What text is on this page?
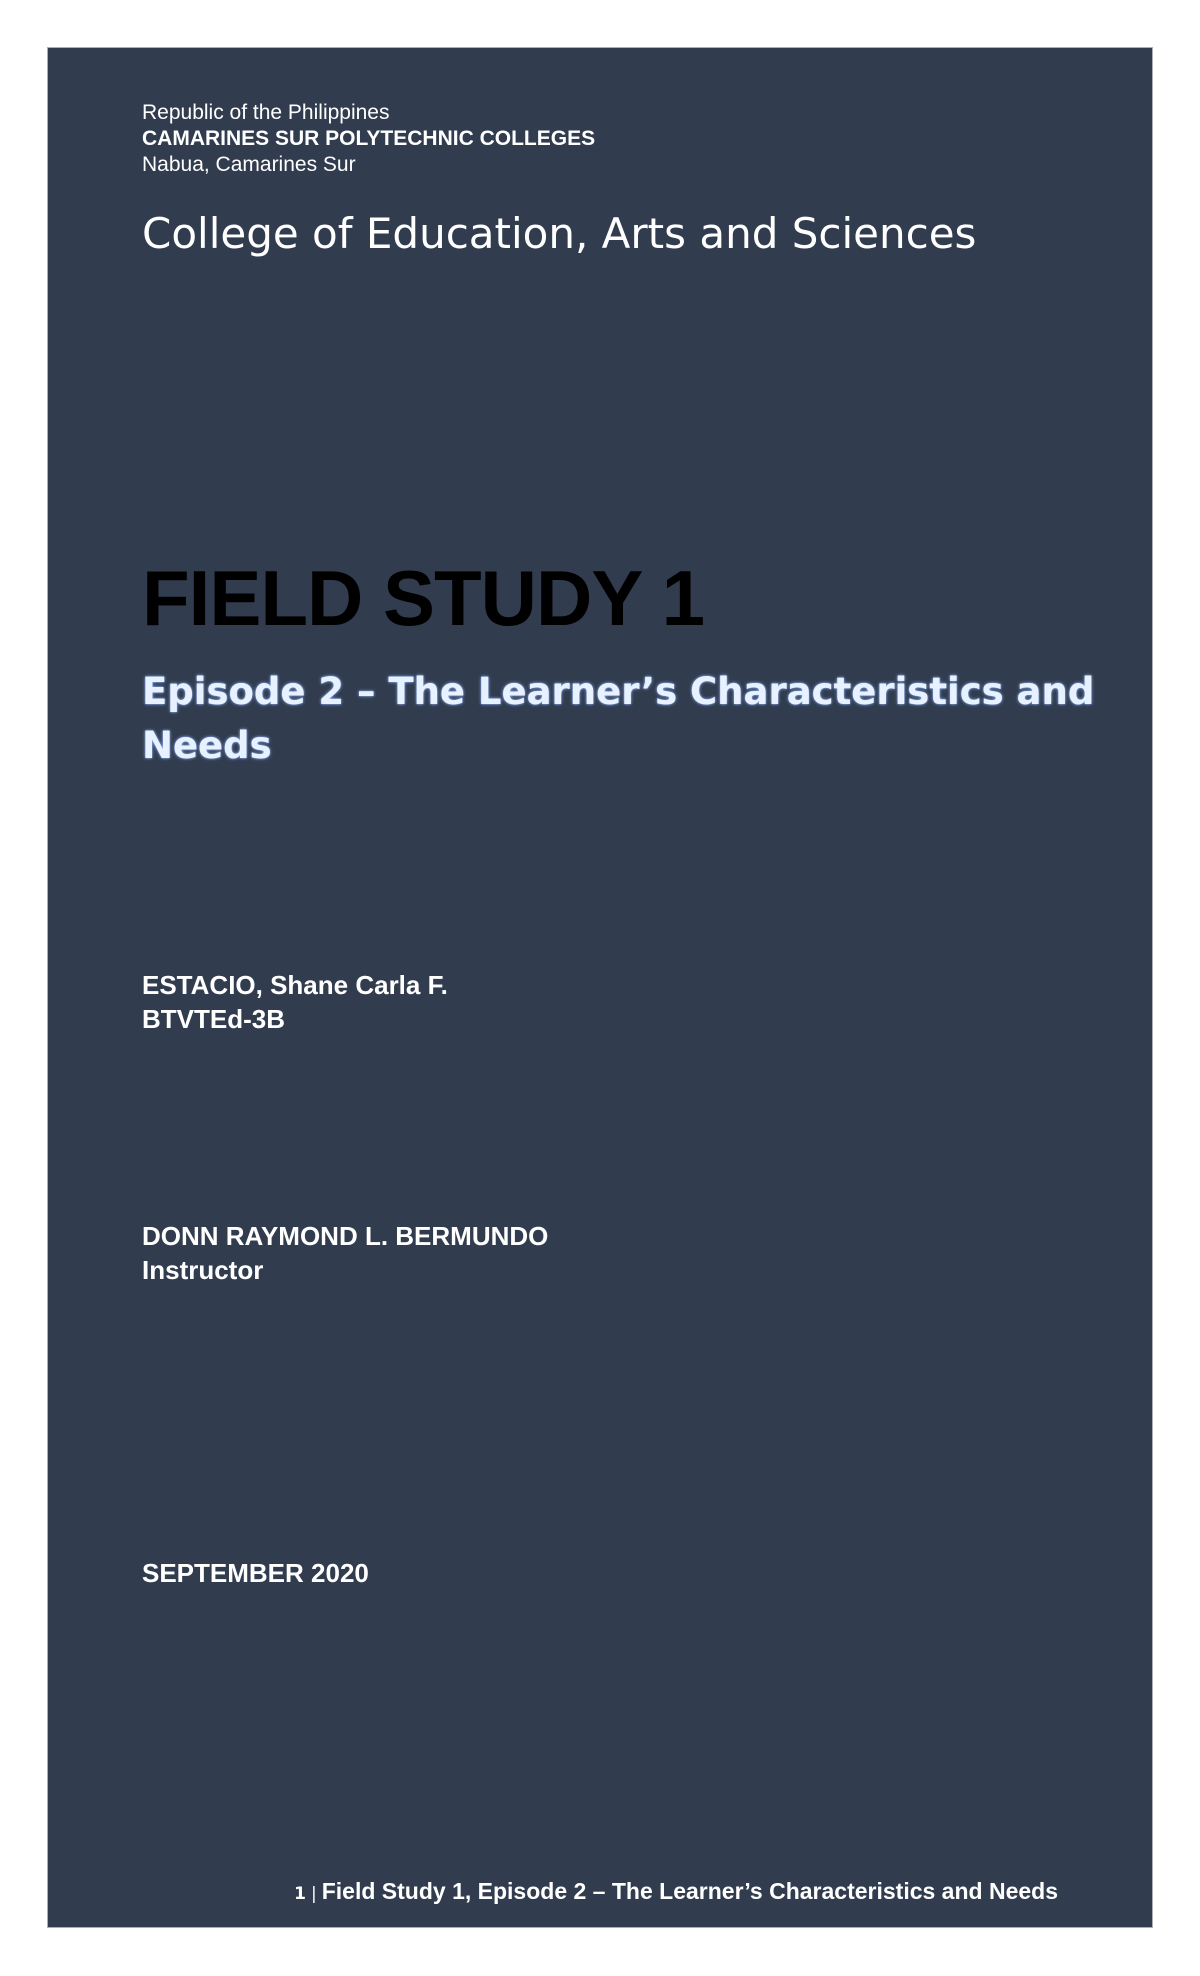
Republic of the Philippines
CAMARINES SUR POLYTECHNIC COLLEGES
Nabua, Camarines Sur
College of Education, Arts and Sciences
FIELD STUDY 1
Episode 2 – The Learner’s Characteristics and Needs
ESTACIO, Shane Carla F.
BTVTEd-3B
DONN RAYMOND L. BERMUNDO
Instructor
SEPTEMBER 2020
1 | Field Study 1, Episode 2 – The Learner’s Characteristics and Needs
